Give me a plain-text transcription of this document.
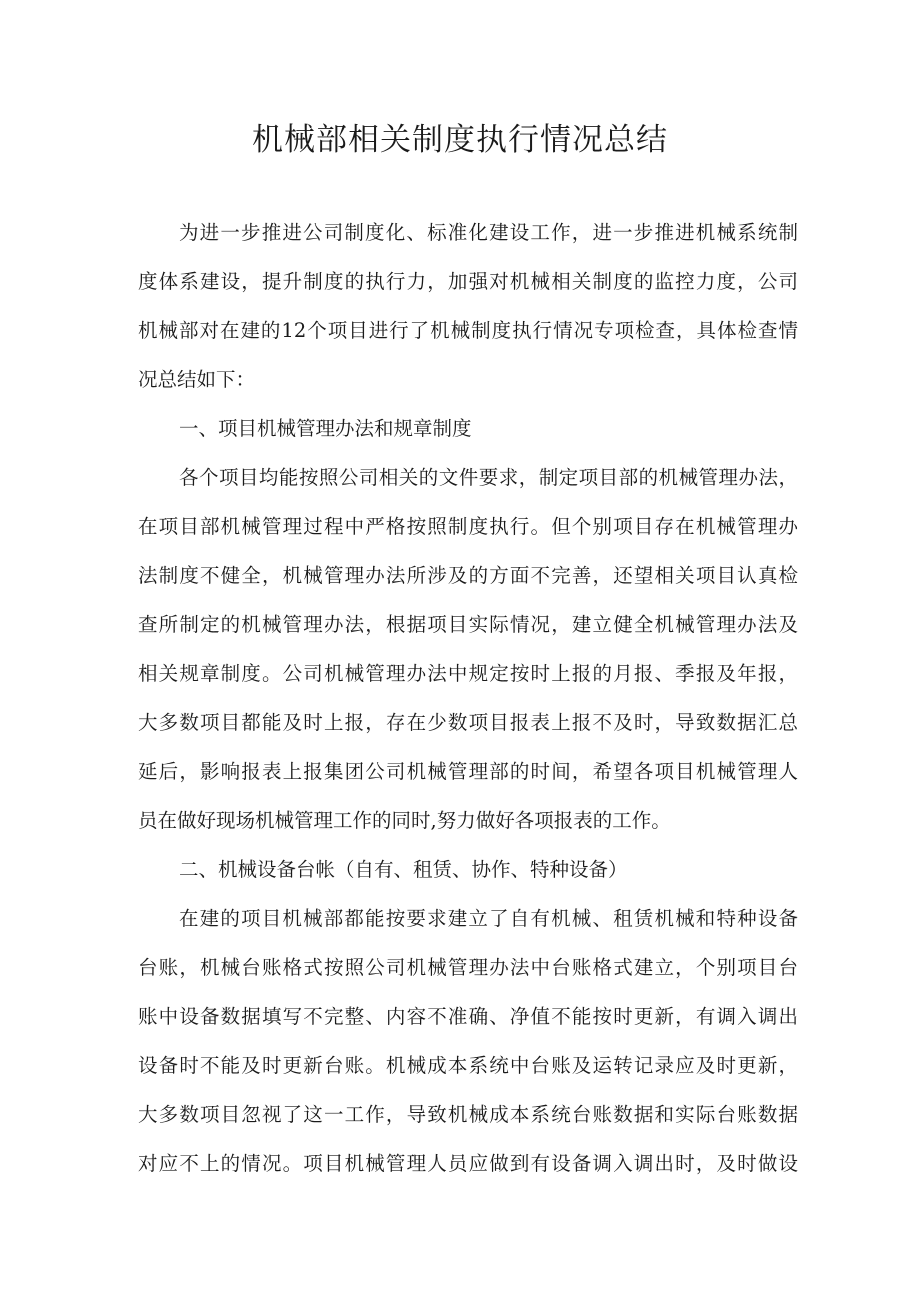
机械部相关制度执行情况总结
为进一步推进公司制度化、标准化建设工作，进一步推进机械系统制
度体系建设，提升制度的执行力，加强对机械相关制度的监控力度，公司
机械部对在建的12个项目进行了机械制度执行情况专项检查，具体检查情
况总结如下：
一、项目机械管理办法和规章制度
各个项目均能按照公司相关的文件要求，制定项目部的机械管理办法，
在项目部机械管理过程中严格按照制度执行。但个别项目存在机械管理办
法制度不健全，机械管理办法所涉及的方面不完善，还望相关项目认真检
查所制定的机械管理办法，根据项目实际情况，建立健全机械管理办法及
相关规章制度。公司机械管理办法中规定按时上报的月报、季报及年报，
大多数项目都能及时上报，存在少数项目报表上报不及时，导致数据汇总
延后，影响报表上报集团公司机械管理部的时间，希望各项目机械管理人
员在做好现场机械管理工作的同时,努力做好各项报表的工作。
二、机械设备台帐（自有、租赁、协作、特种设备）
在建的项目机械部都能按要求建立了自有机械、租赁机械和特种设备
台账，机械台账格式按照公司机械管理办法中台账格式建立，个别项目台
账中设备数据填写不完整、内容不准确、净值不能按时更新，有调入调出
设备时不能及时更新台账。机械成本系统中台账及运转记录应及时更新，
大多数项目忽视了这一工作，导致机械成本系统台账数据和实际台账数据
对应不上的情况。项目机械管理人员应做到有设备调入调出时，及时做设
